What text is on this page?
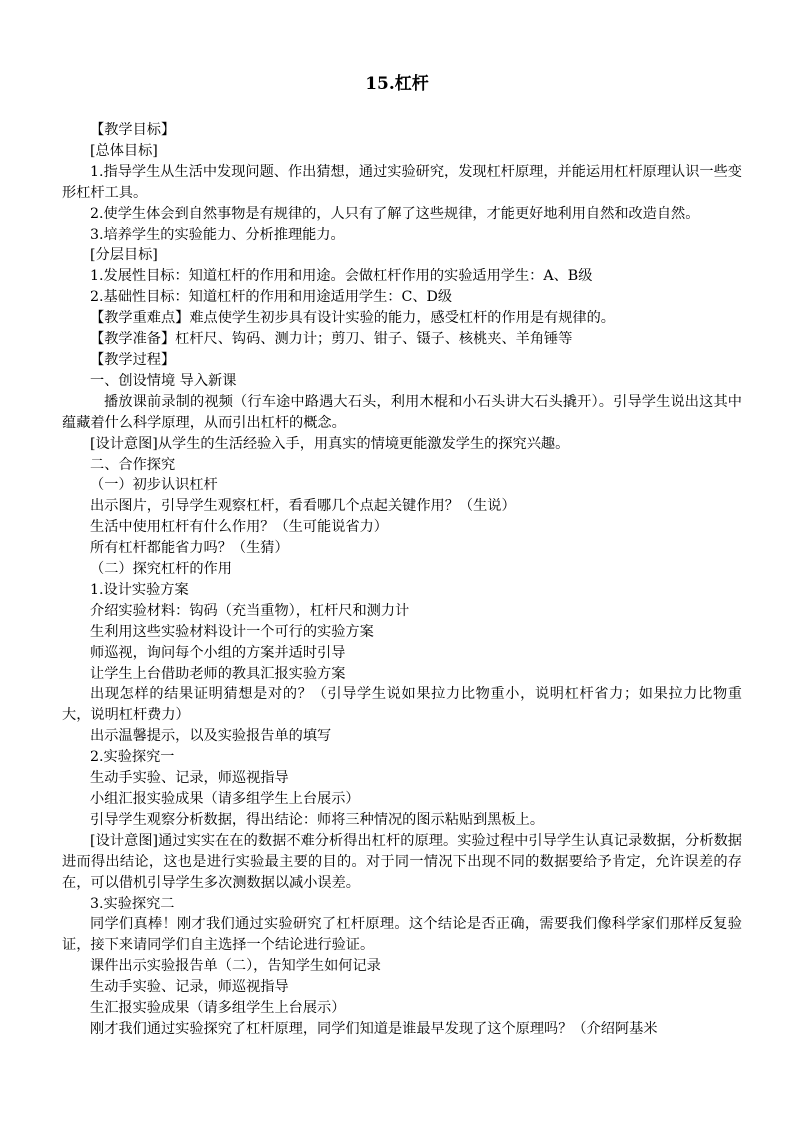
15.杠杆

【教学目标】

[总体目标]

1.指导学生从生活中发现问题、作出猜想，通过实验研究，发现杠杆原理，并能运用杠杆原理认识一些变形杠杆工具。

2.使学生体会到自然事物是有规律的，人只有了解了这些规律，才能更好地利用自然和改造自然。

3.培养学生的实验能力、分析推理能力。

[分层目标]

1.发展性目标：知道杠杆的作用和用途。会做杠杆作用的实验适用学生：A、B级

2.基础性目标：知道杠杆的作用和用途适用学生：C、D级

【教学重难点】难点使学生初步具有设计实验的能力，感受杠杆的作用是有规律的。

【教学准备】杠杆尺、钩码、测力计；剪刀、钳子、镊子、核桃夹、羊角锤等

【教学过程】

一、创设情境 导入新课

播放课前录制的视频（行车途中路遇大石头，利用木棍和小石头讲大石头撬开）。引导学生说出这其中蕴藏着什么科学原理，从而引出杠杆的概念。

[设计意图]从学生的生活经验入手，用真实的情境更能激发学生的探究兴趣。

二、合作探究

（一）初步认识杠杆

出示图片，引导学生观察杠杆，看看哪几个点起关键作用？（生说）

生活中使用杠杆有什么作用？（生可能说省力）

所有杠杆都能省力吗？（生猜）

（二）探究杠杆的作用

1.设计实验方案

介绍实验材料：钩码（充当重物），杠杆尺和测力计

生利用这些实验材料设计一个可行的实验方案

师巡视，询问每个小组的方案并适时引导

让学生上台借助老师的教具汇报实验方案

出现怎样的结果证明猜想是对的？（引导学生说如果拉力比物重小，说明杠杆省力；如果拉力比物重大，说明杠杆费力）

出示温馨提示，以及实验报告单的填写

2.实验探究一

生动手实验、记录，师巡视指导

小组汇报实验成果（请多组学生上台展示）

引导学生观察分析数据，得出结论：师将三种情况的图示粘贴到黑板上。

[设计意图]通过实实在在的数据不难分析得出杠杆的原理。实验过程中引导学生认真记录数据，分析数据进而得出结论，这也是进行实验最主要的目的。对于同一情况下出现不同的数据要给予肯定，允许误差的存在，可以借机引导学生多次测数据以减小误差。

3.实验探究二

同学们真棒！刚才我们通过实验研究了杠杆原理。这个结论是否正确，需要我们像科学家们那样反复验证，接下来请同学们自主选择一个结论进行验证。

课件出示实验报告单（二），告知学生如何记录

生动手实验、记录，师巡视指导

生汇报实验成果（请多组学生上台展示）

刚才我们通过实验探究了杠杆原理，同学们知道是谁最早发现了这个原理吗？（介绍阿基米
